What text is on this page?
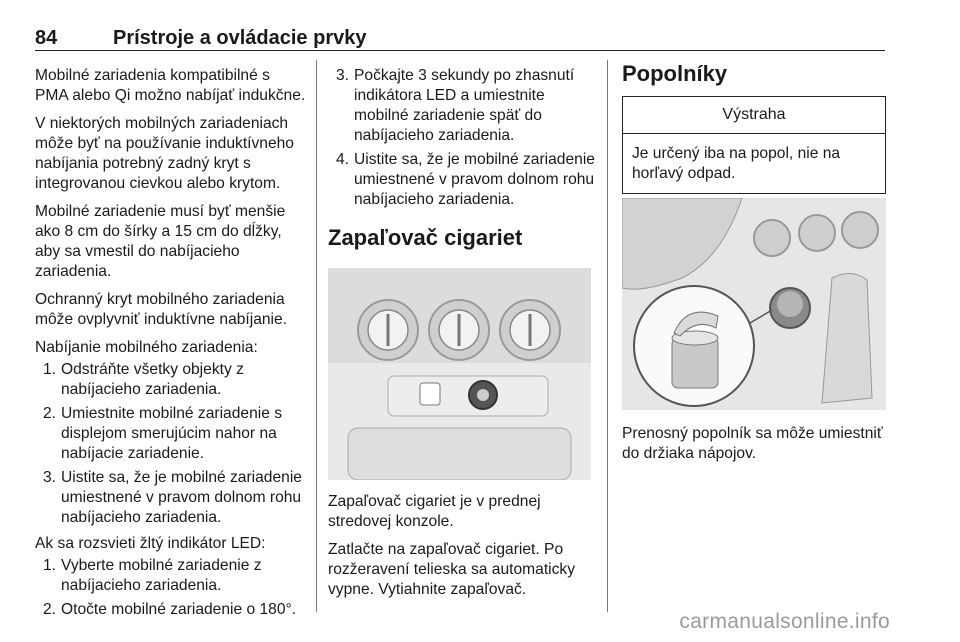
84	Prístroje a ovládacie prvky

Mobilné zariadenia kompatibilné s PMA alebo Qi možno nabíjať indukčne.

V niektorých mobilných zariadeniach môže byť na používanie induktívneho nabíjania potrebný zadný kryt s integrovanou cievkou alebo krytom.

Mobilné zariadenie musí byť menšie ako 8 cm do šírky a 15 cm do dĺžky, aby sa vmestil do nabíjacieho zariadenia.

Ochranný kryt mobilného zariadenia môže ovplyvniť induktívne nabíjanie.

Nabíjanie mobilného zariadenia:

1. Odstráňte všetky objekty z nabíjacieho zariadenia.
2. Umiestnite mobilné zariadenie s displejom smerujúcim nahor na nabíjacie zariadenie.
3. Uistite sa, že je mobilné zariadenie umiestnené v pravom dolnom rohu nabíjacieho zariadenia.

Ak sa rozsvieti žltý indikátor LED:

1. Vyberte mobilné zariadenie z nabíjacieho zariadenia.
2. Otočte mobilné zariadenie o 180°.
3. Počkajte 3 sekundy po zhasnutí indikátora LED a umiestnite mobilné zariadenie späť do nabíjacieho zariadenia.
4. Uistite sa, že je mobilné zariadenie umiestnené v pravom dolnom rohu nabíjacieho zariadenia.
Zapaľovač cigariet

Zapaľovač cigariet je v prednej stredovej konzole.

Zatlačte na zapaľovač cigariet. Po rozžeravení telieska sa automaticky vypne. Vytiahnite zapaľovač.

Popolníky
Výstraha
Je určený iba na popol, nie na horľavý odpad.

Prenosný popolník sa môže umiestniť do držiaka nápojov.

carmanualsonline.info
